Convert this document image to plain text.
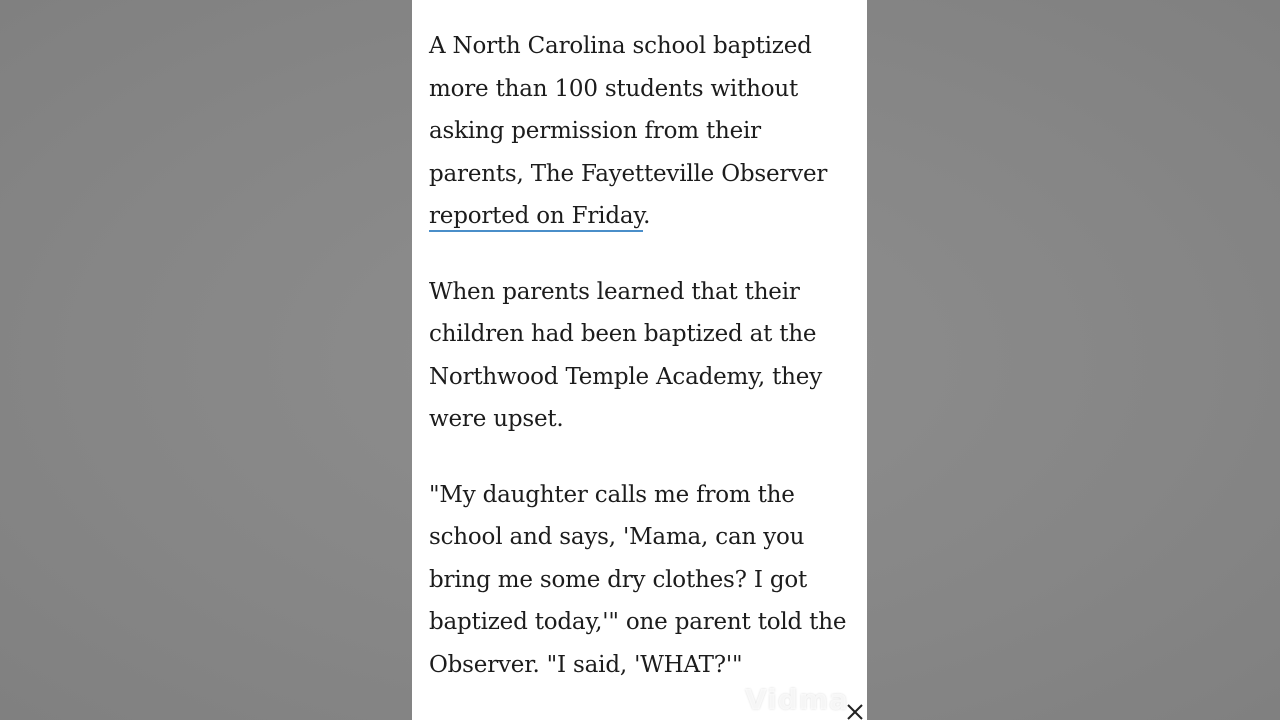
A North Carolina school baptized
more than 100 students without
asking permission from their
parents, The Fayetteville Observer
reported on Friday.

When parents learned that their
children had been baptized at the
Northwood Temple Academy, they
were upset.

"My daughter calls me from the
school and says, 'Mama, can you
bring me some dry clothes? I got
baptized today,'" one parent told the
Observer. "I said, 'WHAT?'"

Vidma
